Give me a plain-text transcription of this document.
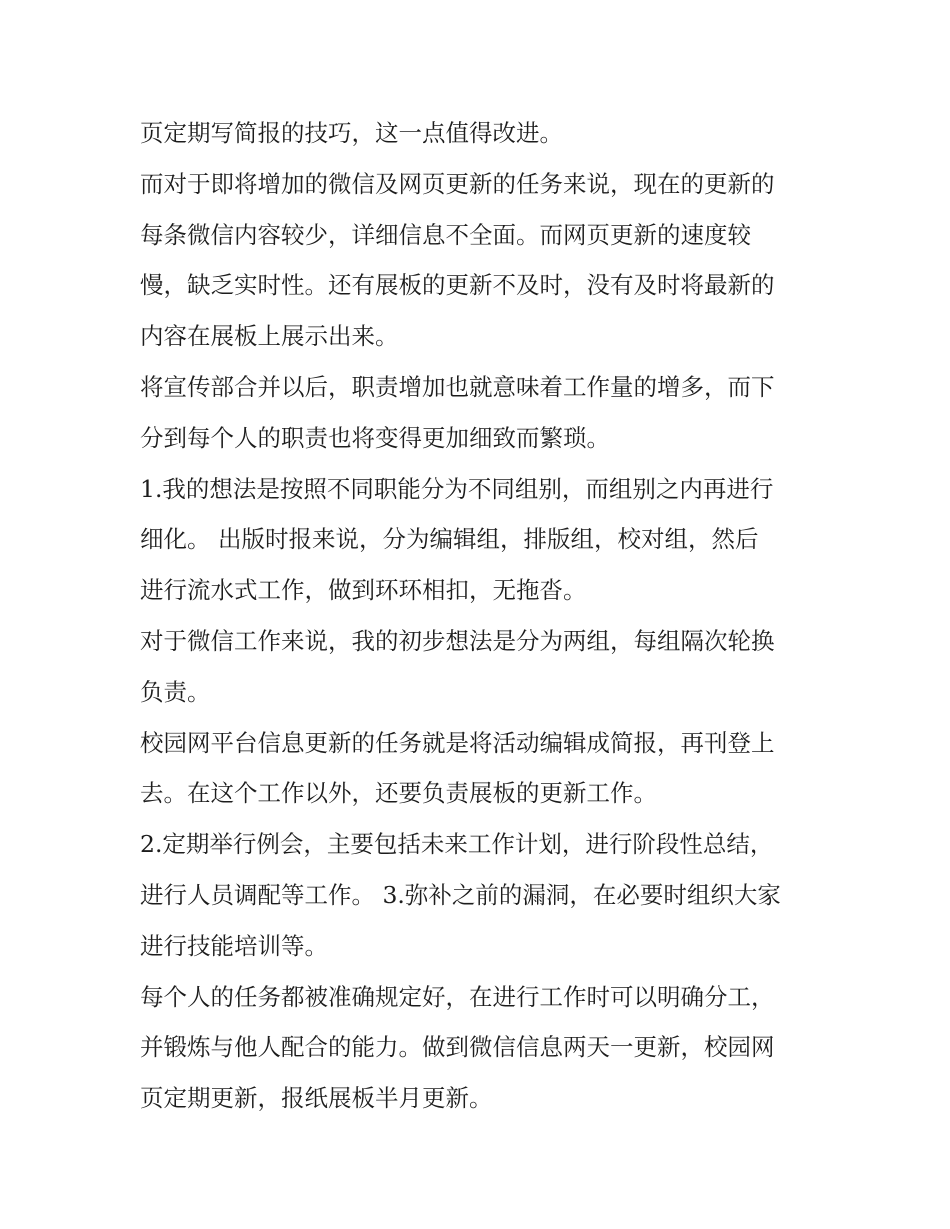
页定期写简报的技巧，这一点值得改进。
而对于即将增加的微信及网页更新的任务来说，现在的更新的
每条微信内容较少，详细信息不全面。而网页更新的速度较
慢，缺乏实时性。还有展板的更新不及时，没有及时将最新的
内容在展板上展示出来。
将宣传部合并以后，职责增加也就意味着工作量的增多，而下
分到每个人的职责也将变得更加细致而繁琐。
1.我的想法是按照不同职能分为不同组别，而组别之内再进行
细化。 出版时报来说，分为编辑组，排版组，校对组，然后
进行流水式工作，做到环环相扣，无拖沓。
对于微信工作来说，我的初步想法是分为两组，每组隔次轮换
负责。
校园网平台信息更新的任务就是将活动编辑成简报，再刊登上
去。在这个工作以外，还要负责展板的更新工作。
2.定期举行例会，主要包括未来工作计划，进行阶段性总结，
进行人员调配等工作。 3.弥补之前的漏洞，在必要时组织大家
进行技能培训等。
每个人的任务都被准确规定好，在进行工作时可以明确分工，
并锻炼与他人配合的能力。做到微信信息两天一更新，校园网
页定期更新，报纸展板半月更新。
